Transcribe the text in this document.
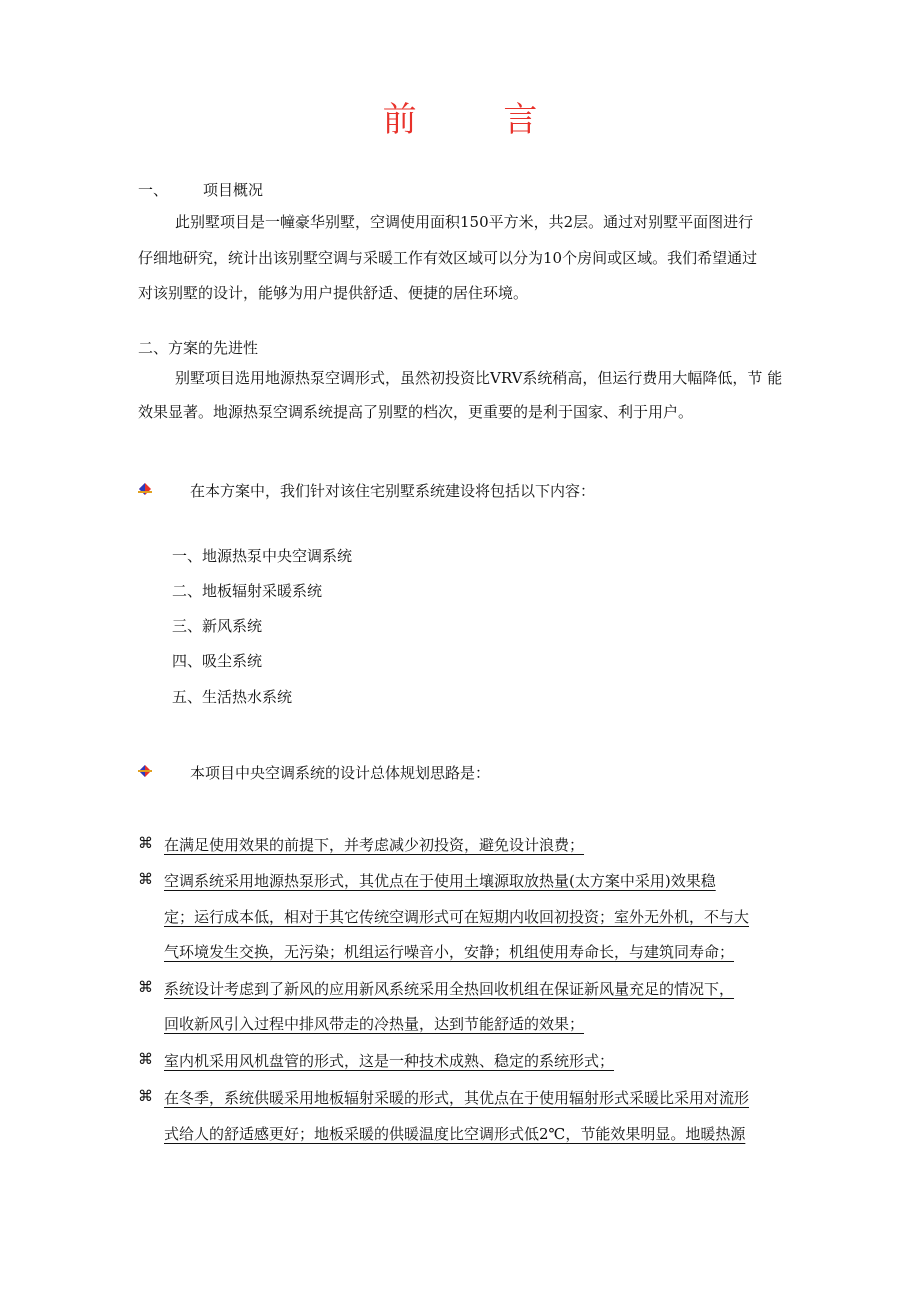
前 言
一、 项目概况
此别墅项目是一幢豪华别墅，空调使用面积150平方米，共2层。通过对别墅平面图进行
仔细地研究，统计出该别墅空调与采暖工作有效区域可以分为10个房间或区域。我们希望通过
对该别墅的设计，能够为用户提供舒适、便捷的居住环境。
二、方案的先进性
别墅项目选用地源热泵空调形式，虽然初投资比VRV系统稍高，但运行费用大幅降低，节 能
效果显著。地源热泵空调系统提高了别墅的档次，更重要的是利于国家、利于用户。
在本方案中，我们针对该住宅别墅系统建设将包括以下内容：
一、地源热泵中央空调系统
二、地板辐射采暖系统
三、新风系统
四、吸尘系统
五、生活热水系统
本项目中央空调系统的设计总体规划思路是：
⌘ 在满足使用效果的前提下，并考虑减少初投资，避免设计浪费；
⌘ 空调系统采用地源热泵形式，其优点在于使用土壤源取放热量(太方案中采用)效果稳
定；运行成本低，相对于其它传统空调形式可在短期内收回初投资；室外无外机，不与大
气环境发生交换，无污染；机组运行噪音小，安静；机组使用寿命长，与建筑同寿命；
⌘ 系统设计考虑到了新风的应用新风系统采用全热回收机组在保证新风量充足的情况下，
回收新风引入过程中排风带走的冷热量，达到节能舒适的效果；
⌘ 室内机采用风机盘管的形式，这是一种技术成熟、稳定的系统形式；
⌘ 在冬季，系统供暖采用地板辐射采暖的形式，其优点在于使用辐射形式采暖比采用对流形
式给人的舒适感更好；地板采暖的供暖温度比空调形式低2℃，节能效果明显。地暖热源
